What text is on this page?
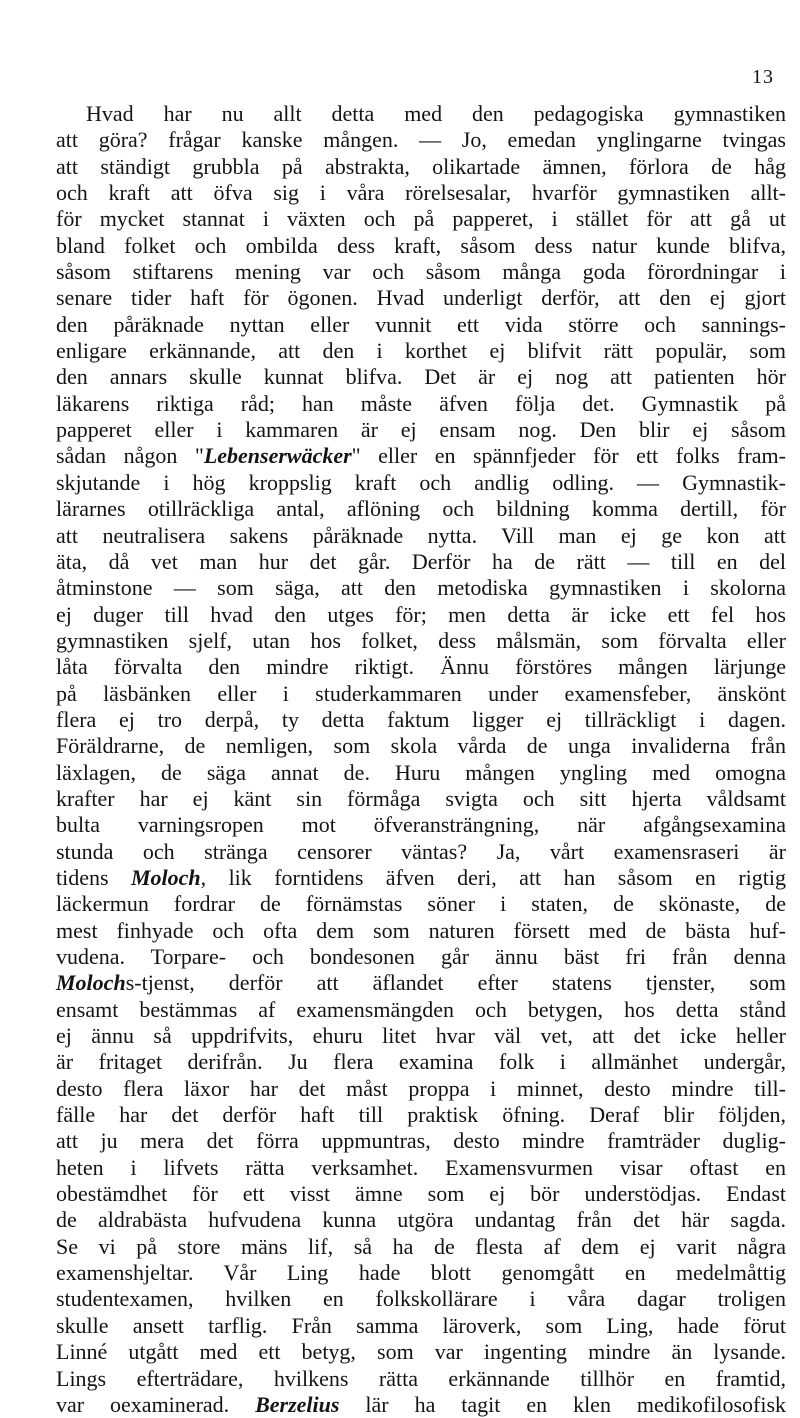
13
Hvad har nu allt detta med den pedagogiska gymnastiken
att göra? frågar kanske mången. — Jo, emedan ynglingarne tvingas
att ständigt grubbla på abstrakta, olikartade ämnen, förlora de håg
och kraft att öfva sig i våra rörelsesalar, hvarför gymnastiken allt-
för mycket stannat i växten och på papperet, i stället för att gå ut
bland folket och ombilda dess kraft, såsom dess natur kunde blifva,
såsom stiftarens mening var och såsom många goda förordningar i
senare tider haft för ögonen. Hvad underligt derför, att den ej gjort
den påräknade nyttan eller vunnit ett vida större och sannings-
enligare erkännande, att den i korthet ej blifvit rätt populär, som
den annars skulle kunnat blifva. Det är ej nog att patienten hör
läkarens riktiga råd; han måste äfven följa det. Gymnastik på
papperet eller i kammaren är ej ensam nog. Den blir ej såsom
sådan någon "Lebenserwäcker" eller en spännfjeder för ett folks fram-
skjutande i hög kroppslig kraft och andlig odling. — Gymnastik-
lärarnes otillräckliga antal, aflöning och bildning komma dertill, för
att neutralisera sakens påräknade nytta. Vill man ej ge kon att
äta, då vet man hur det går. Derför ha de rätt — till en del
åtminstone — som säga, att den metodiska gymnastiken i skolorna
ej duger till hvad den utges för; men detta är icke ett fel hos
gymnastiken sjelf, utan hos folket, dess målsmän, som förvalta eller
låta förvalta den mindre riktigt. Ännu förstöres mången lärjunge
på läsbänken eller i studerkammaren under examensfeber, änskönt
flera ej tro derpå, ty detta faktum ligger ej tillräckligt i dagen.
Föräldrarne, de nemligen, som skola vårda de unga invaliderna från
läxlagen, de säga annat de. Huru mången yngling med omogna
krafter har ej känt sin förmåga svigta och sitt hjerta våldsamt
bulta varningsropen mot öfveransträngning, när afgångsexamina
stunda och stränga censorer väntas? Ja, vårt examensraseri är
tidens Moloch, lik forntidens äfven deri, att han såsom en rigtig
läckermun fordrar de förnämstas söner i staten, de skönaste, de
mest finhyade och ofta dem som naturen försett med de bästa huf-
vudena. Torpare- och bondesonen går ännu bäst fri från denna
Molochs-tjenst, derför att äflandet efter statens tjenster, som
ensamt bestämmas af examensmängden och betygen, hos detta stånd
ej ännu så uppdrifvits, ehuru litet hvar väl vet, att det icke heller
är fritaget derifrån. Ju flera examina folk i allmänhet undergår,
desto flera läxor har det måst proppa i minnet, desto mindre till-
fälle har det derför haft till praktisk öfning. Deraf blir följden,
att ju mera det förra uppmuntras, desto mindre framträder duglig-
heten i lifvets rätta verksamhet. Examensvurmen visar oftast en
obestämdhet för ett visst ämne som ej bör understödjas. Endast
de aldrabästa hufvudena kunna utgöra undantag från det här sagda.
Se vi på store mäns lif, så ha de flesta af dem ej varit några
examenshjeltar. Vår Ling hade blott genomgått en medelmåttig
studentexamen, hvilken en folkskollärare i våra dagar troligen
skulle ansett tarflig. Från samma läroverk, som Ling, hade förut
Linné utgått med ett betyg, som var ingenting mindre än lysande.
Lings efterträdare, hvilkens rätta erkännande tillhör en framtid,
var oexaminerad. Berzelius lär ha tagit en klen medikofilosofisk
